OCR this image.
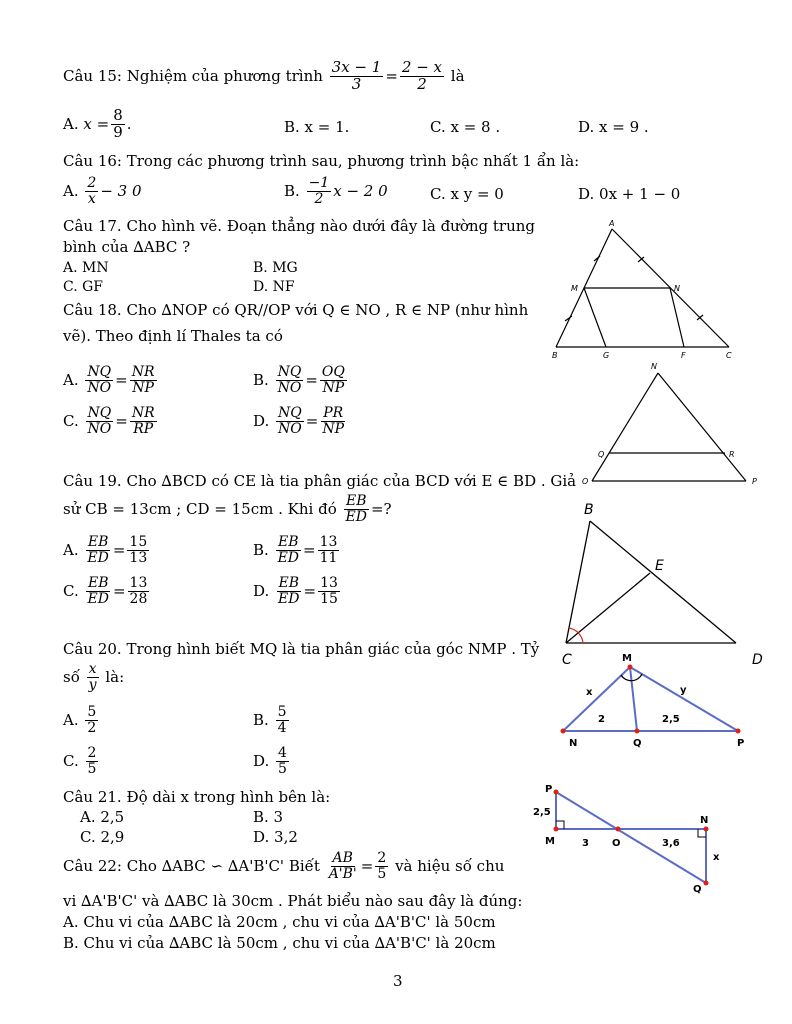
Câu 15: Nghiệm của phương trình
$\frac{3x - 1}{3} = \frac{2 - x}{2}$
là
A.
$x = \frac{8}{9}$ .	B. x = 1.	C. x = 8 .	D. x = 9 .
Câu 16: Trong các phương trình sau, phương trình bậc nhất 1 ẩn là:
A.
$\frac{2}{x} - 3$ 0	B.
$\frac{-1}{2}$ x − 2 0	C. x y = 0	D. 0x + 1 − 0
Câu 17. Cho hình vẽ. Đoạn thẳng nào dưới đây là đường trung
bình của ∆ABC ?
A. MN	B. MG
C. GF	D. NF
A
M	N
B	G	F	C
Câu 18. Cho ∆NOP có QR//OP với Q ∈ NO , R ∈ NP (như hình
vẽ). Theo định lí Thales ta có
A.
$\frac{NQ}{NO} = \frac{NR}{NP}$	B.
$\frac{NQ}{NO} = \frac{OQ}{NP}$
C.
$\frac{NQ}{NO} = \frac{NR}{RP}$	D.
$\frac{NQ}{NO} = \frac{PR}{NP}$
N
Q	R
O	P
Câu 19. Cho ∆BCD có CE là tia phân giác của BCD với E ∈ BD . Giả
sử CB = 13cm ; CD = 15cm . Khi đó
$\frac{EB}{ED}$ =?
A.
$\frac{EB}{ED} = \frac{15}{13}$	B.
$\frac{EB}{ED} = \frac{13}{11}$
C.
$\frac{EB}{ED} = \frac{13}{28}$	D.
$\frac{EB}{ED} = \frac{13}{15}$
B
E
C	D
Câu 20. Trong hình biết MQ là tia phân giác của góc NMP . Tỷ
số
$\frac{x}{y}$
là:
A.
$\frac{5}{2}$	B.
$\frac{5}{4}$
C.
$\frac{2}{5}$	D.
$\frac{4}{5}$
M
x	y
2	2,5
N	Q	P
Câu 21. Độ dài x trong hình bên là:
A. 2,5	B. 3
C. 2,9	D. 3,2
P
2,5
M	3 O
N
3,6
x
Q
Câu 22: Cho ∆ABC ∽ ∆A'B'C' Biết
$\frac{AB}{A'B'} = \frac{2}{5}$
và hiệu số chu
vi ∆A'B'C' và ∆ABC là 30cm . Phát biểu nào sau đây là đúng:
A. Chu vi của ∆ABC là 20cm , chu vi của ∆A'B'C' là 50cm
B. Chu vi của ∆ABC là 50cm , chu vi của ∆A'B'C' là 20cm
3
